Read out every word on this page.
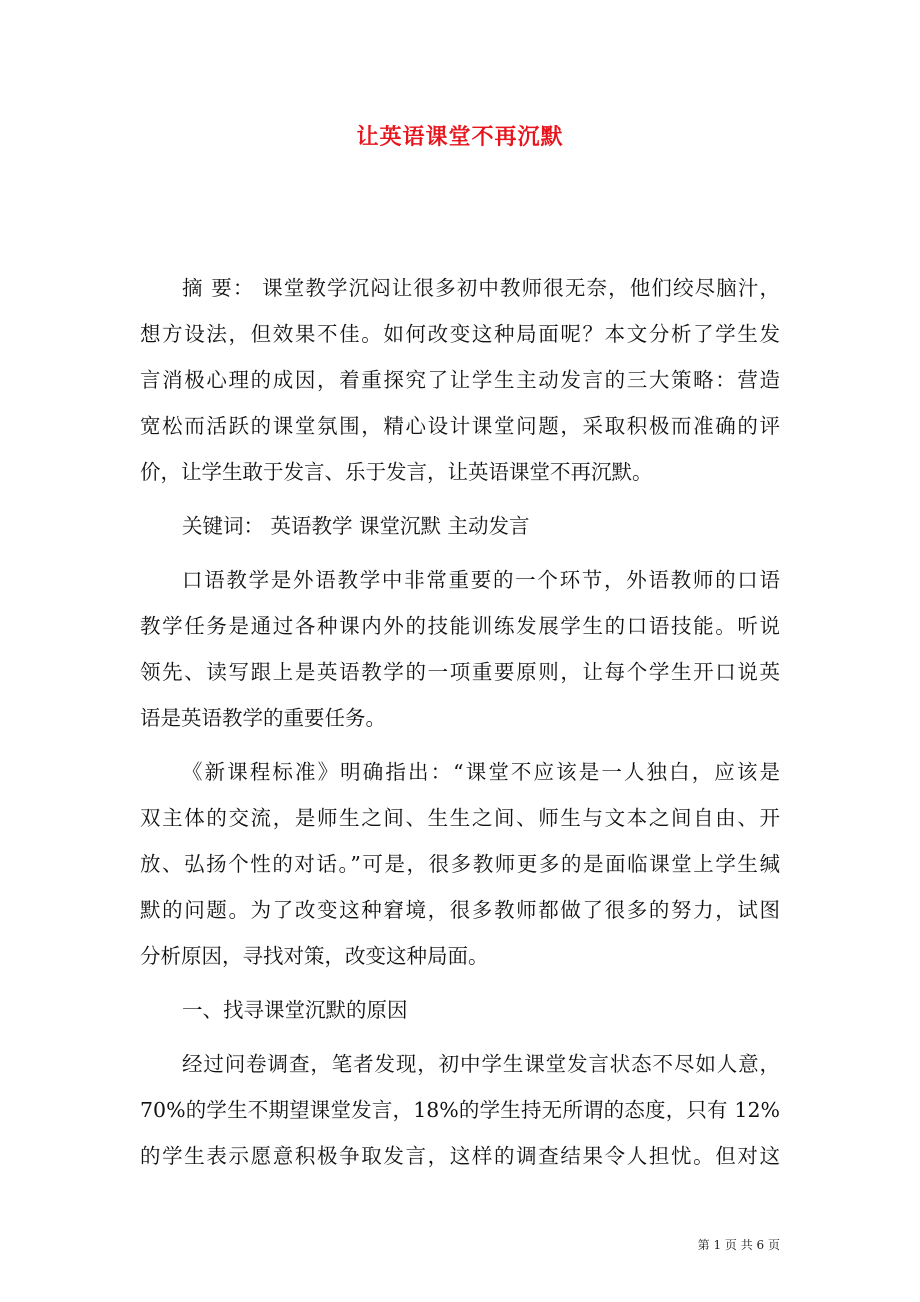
让英语课堂不再沉默
摘 要： 课堂教学沉闷让很多初中教师很无奈，他们绞尽脑汁，
想方设法，但效果不佳。如何改变这种局面呢？本文分析了学生发
言消极心理的成因，着重探究了让学生主动发言的三大策略：营造
宽松而活跃的课堂氛围，精心设计课堂问题，采取积极而准确的评
价，让学生敢于发言、乐于发言，让英语课堂不再沉默。
关键词： 英语教学 课堂沉默 主动发言
口语教学是外语教学中非常重要的一个环节，外语教师的口语
教学任务是通过各种课内外的技能训练发展学生的口语技能。听说
领先、读写跟上是英语教学的一项重要原则，让每个学生开口说英
语是英语教学的重要任务。
《新课程标准》明确指出：“课堂不应该是一人独白，应该是
双主体的交流，是师生之间、生生之间、师生与文本之间自由、开
放、弘扬个性的对话。”可是，很多教师更多的是面临课堂上学生缄
默的问题。为了改变这种窘境，很多教师都做了很多的努力，试图
分析原因，寻找对策，改变这种局面。
一、找寻课堂沉默的原因
经过问卷调查，笔者发现，初中学生课堂发言状态不尽如人意，
70%的学生不期望课堂发言，18%的学生持无所谓的态度，只有 12%
的学生表示愿意积极争取发言，这样的调查结果令人担忧。但对这
第 1 页 共 6 页
